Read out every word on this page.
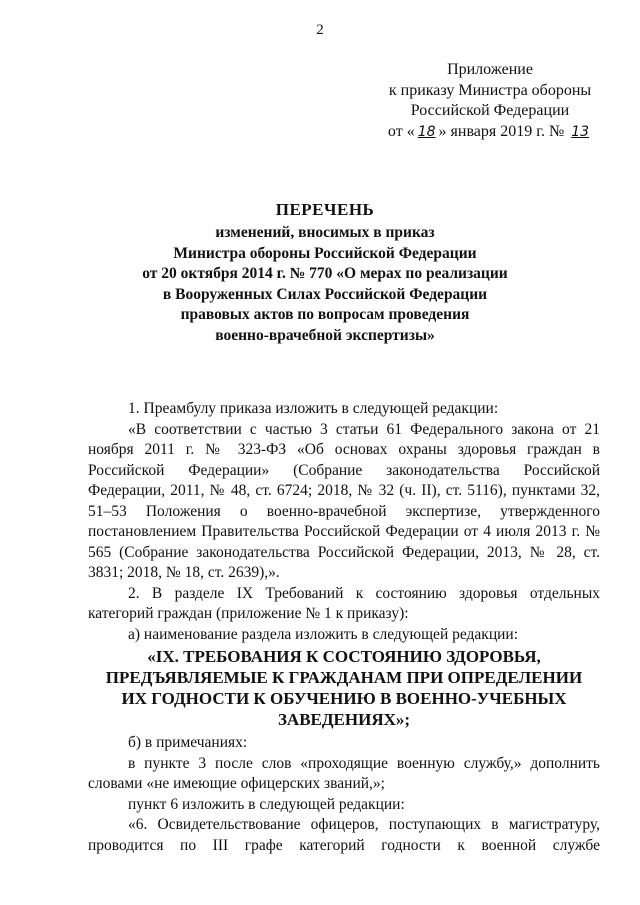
2
Приложение
к приказу Министра обороны
Российской Федерации
от « 18 » января 2019 г. № 13
ПЕРЕЧЕНЬ
изменений, вносимых в приказ
Министра обороны Российской Федерации
от 20 октября 2014 г. № 770 «О мерах по реализации
в Вооруженных Силах Российской Федерации
правовых актов по вопросам проведения
военно-врачебной экспертизы»

1. Преамбулу приказа изложить в следующей редакции:

«В соответствии с частью 3 статьи 61 Федерального закона от 21 ноября 2011 г. № 323-ФЗ «Об основах охраны здоровья граждан в Российской Федерации» (Собрание законодательства Российской Федерации, 2011, № 48, ст. 6724; 2018, № 32 (ч. II), ст. 5116), пунктами 32, 51–53 Положения о военно-врачебной экспертизе, утвержденного постановлением Правительства Российской Федерации от 4 июля 2013 г. № 565 (Собрание законодательства Российской Федерации, 2013, № 28, ст. 3831; 2018, № 18, ст. 2639),».

2. В разделе IX Требований к состоянию здоровья отдельных категорий граждан (приложение № 1 к приказу):

а) наименование раздела изложить в следующей редакции:

«IX. ТРЕБОВАНИЯ К СОСТОЯНИЮ ЗДОРОВЬЯ,
ПРЕДЪЯВЛЯЕМЫЕ К ГРАЖДАНАМ ПРИ ОПРЕДЕЛЕНИИ
ИХ ГОДНОСТИ К ОБУЧЕНИЮ В ВОЕННО-УЧЕБНЫХ
ЗАВЕДЕНИЯХ»;

б) в примечаниях:

в пункте 3 после слов «проходящие военную службу,» дополнить словами «не имеющие офицерских званий,»;

пункт 6 изложить в следующей редакции:

«6. Освидетельствование офицеров, поступающих в магистратуру, проводится по III графе категорий годности к военной службе
